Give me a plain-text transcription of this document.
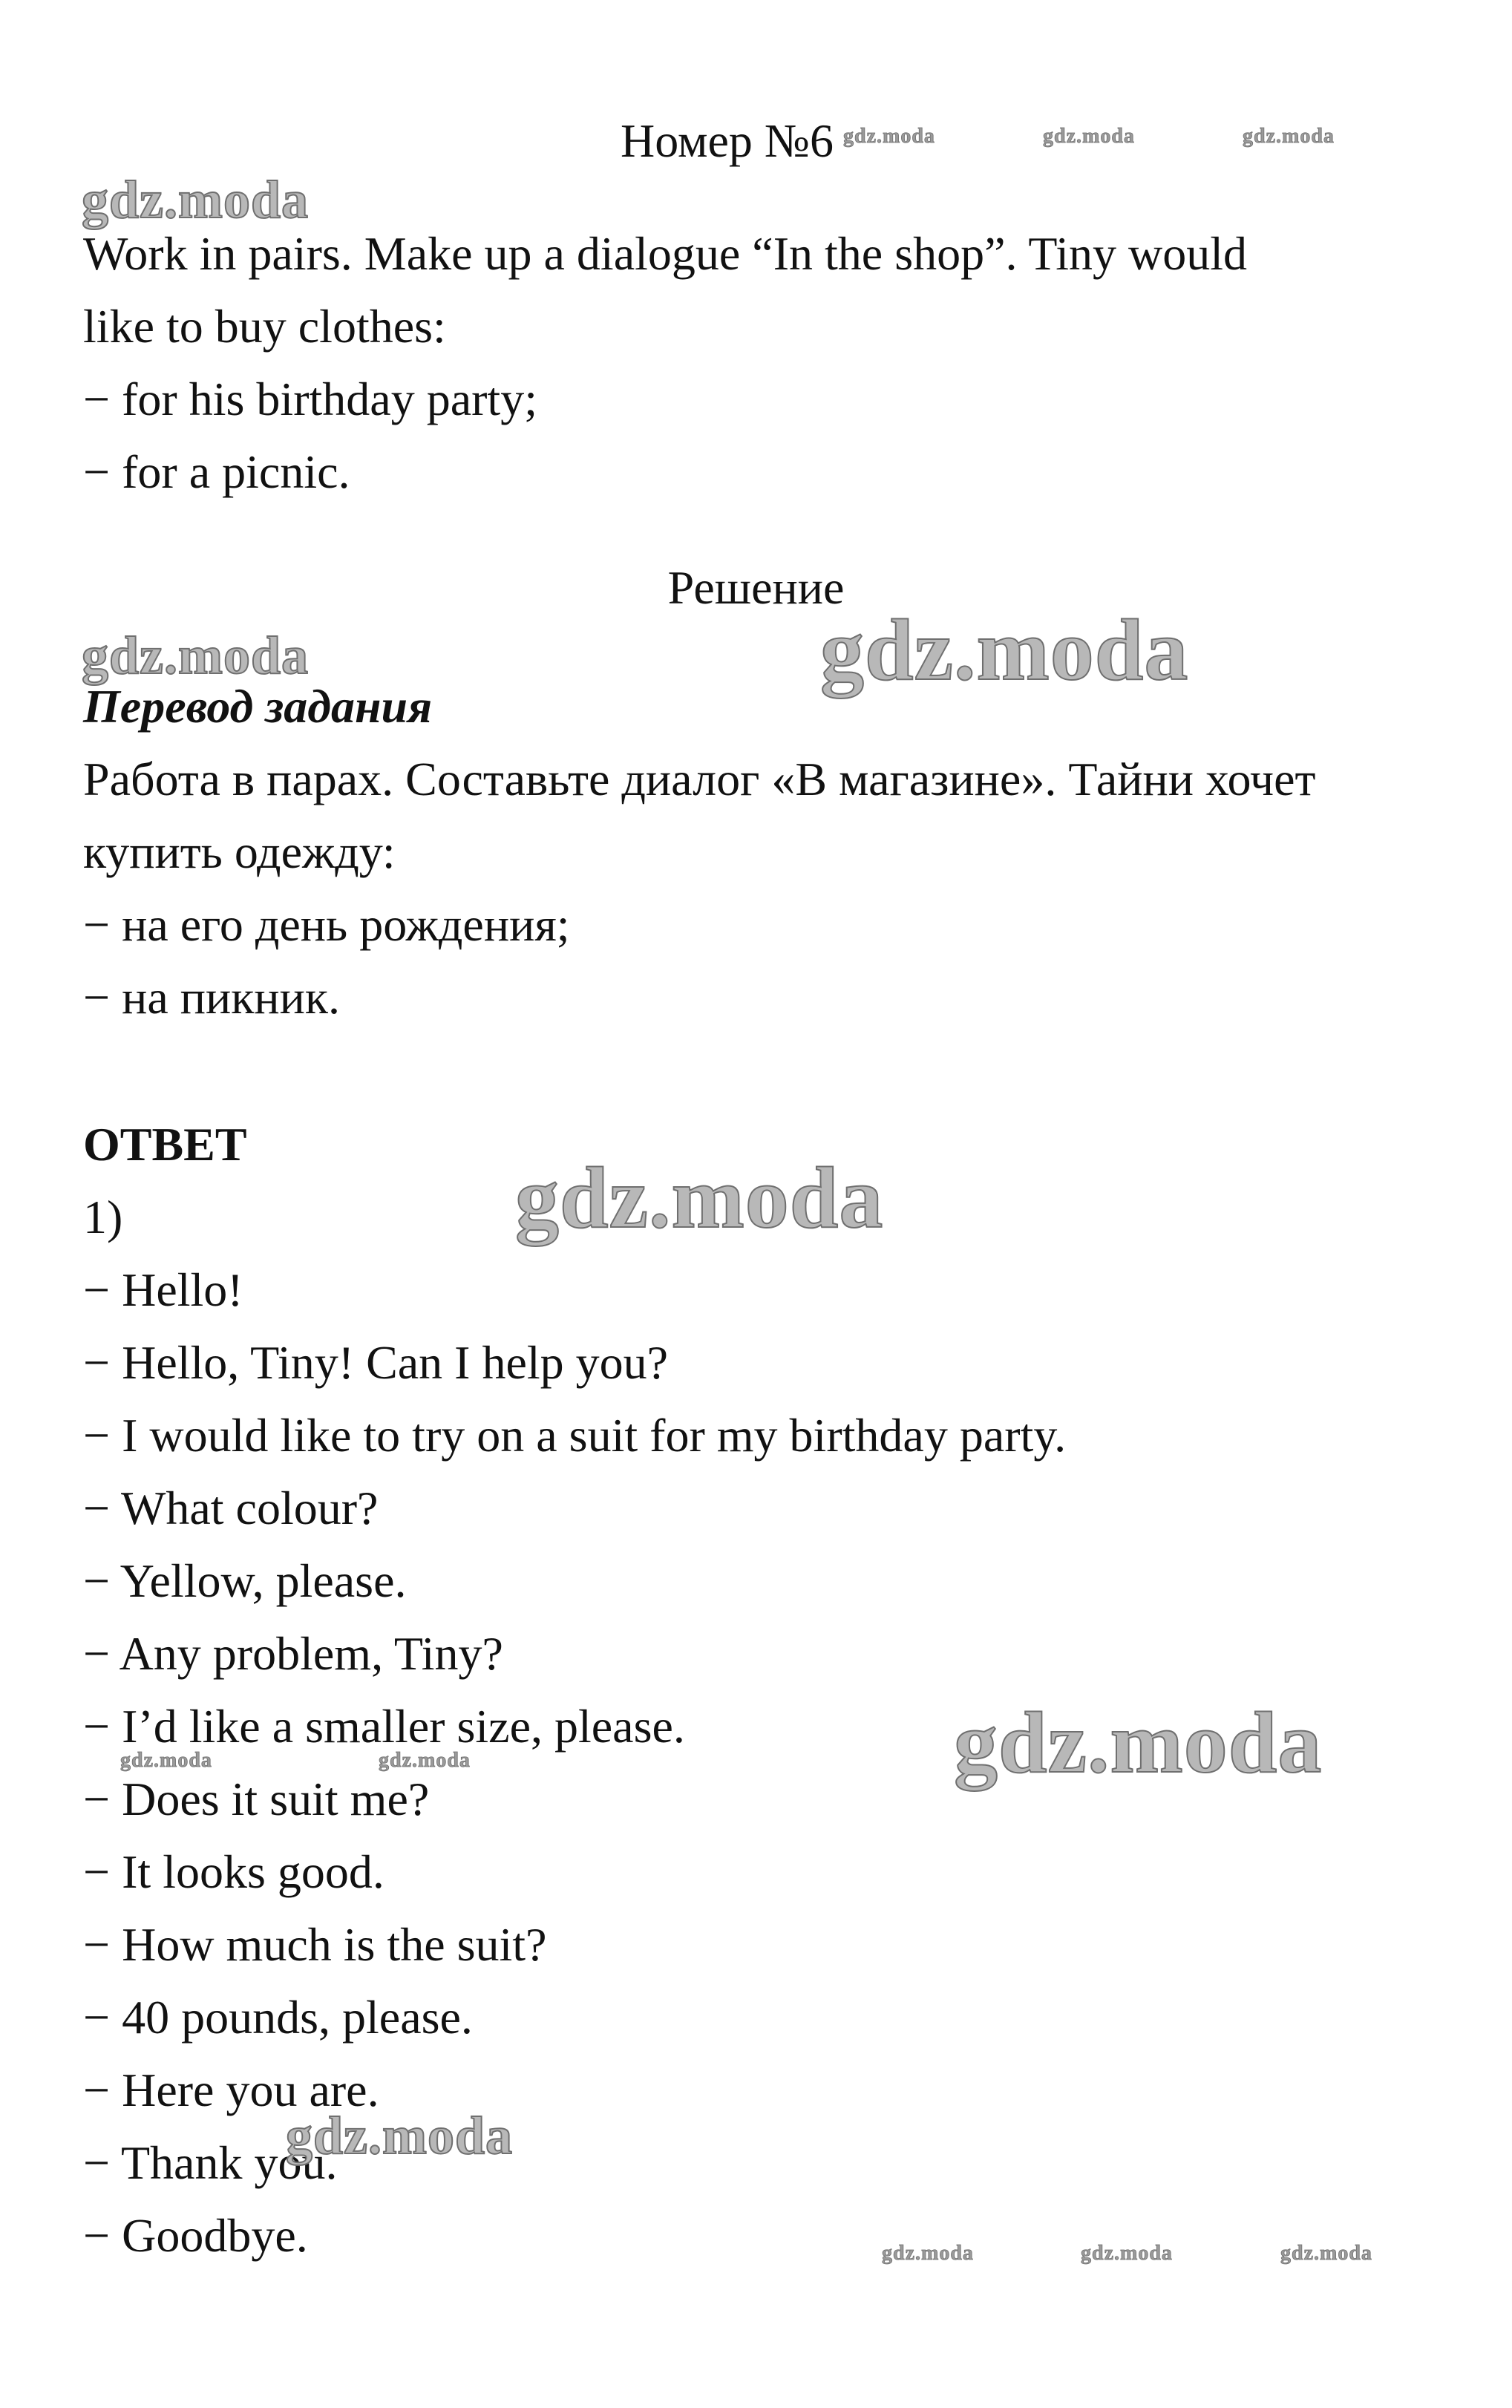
Номер №6
Work in pairs. Make up a dialogue “In the shop”. Tiny would
like to buy clothes:
− for his birthday party;
− for a picnic.
Решение
Перевод задания
Работа в парах. Составьте диалог «В магазине». Тайни хочет
купить одежду:
− на его день рождения;
− на пикник.
ОТВЕТ
1)
− Hello!
− Hello, Tiny! Can I help you?
− I would like to try on a suit for my birthday party.
− What colour?
− Yellow, please.
− Any problem, Tiny?
− I’d like a smaller size, please.
− Does it suit me?
− It looks good.
− How much is the suit?
− 40 pounds, please.
− Here you are.
− Thank you.
− Goodbye.
gdz.moda	gdz.moda	gdz.moda
gdz.moda
gdz.moda	gdz.moda
gdz.moda
gdz.moda
gdz.moda	gdz.moda
gdz.moda
gdz.moda	gdz.moda	gdz.moda
